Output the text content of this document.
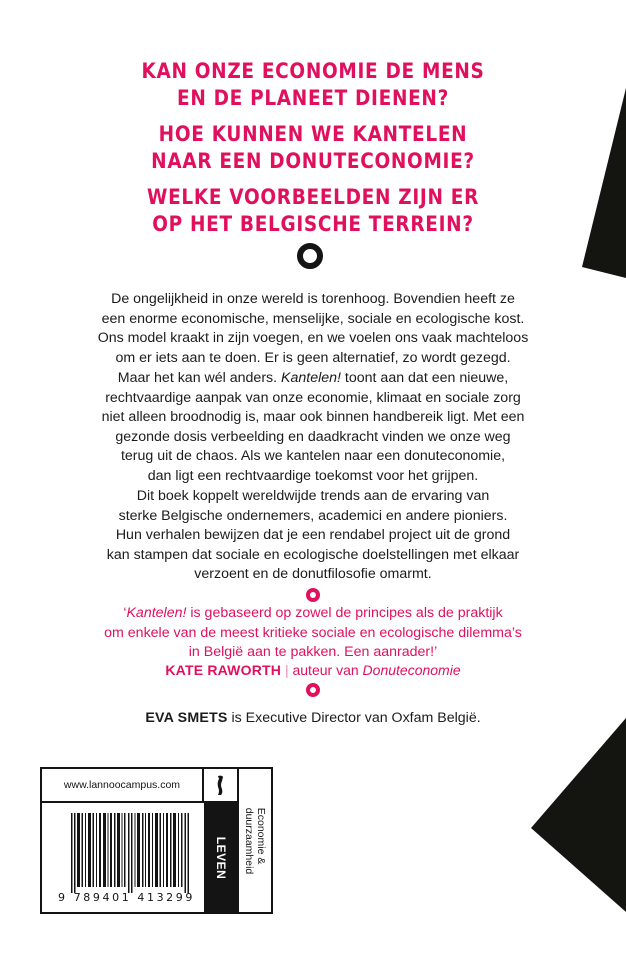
KAN ONZE ECONOMIE DE MENS
EN DE PLANEET DIENEN?
HOE KUNNEN WE KANTELEN
NAAR EEN DONUTECONOMIE?
WELKE VOORBEELDEN ZIJN ER
OP HET BELGISCHE TERREIN?
De ongelijkheid in onze wereld is torenhoog. Bovendien heeft ze
een enorme economische, menselijke, sociale en ecologische kost.
Ons model kraakt in zijn voegen, en we voelen ons vaak machteloos
om er iets aan te doen. Er is geen alternatief, zo wordt gezegd.
Maar het kan wél anders. Kantelen! toont aan dat een nieuwe,
rechtvaardige aanpak van onze economie, klimaat en sociale zorg
niet alleen broodnodig is, maar ook binnen handbereik ligt. Met een
gezonde dosis verbeelding en daadkracht vinden we onze weg
terug uit de chaos. Als we kantelen naar een donuteconomie,
dan ligt een rechtvaardige toekomst voor het grijpen.
Dit boek koppelt wereldwijde trends aan de ervaring van
sterke Belgische ondernemers, academici en andere pioniers.
Hun verhalen bewijzen dat je een rendabel project uit de grond
kan stampen dat sociale en ecologische doelstellingen met elkaar
verzoent en de donutfilosofie omarmt.
‘Kantelen! is gebaseerd op zowel de principes als de praktijk
om enkele van de meest kritieke sociale en ecologische dilemma’s
in België aan te pakken. Een aanrader!’
KATE RAWORTH | auteur van Donuteconomie
EVA SMETS is Executive Director van Oxfam België.
www.lannoocampus.com
LEVEN	Economie &
duurzaamheid
9 789401 413299
